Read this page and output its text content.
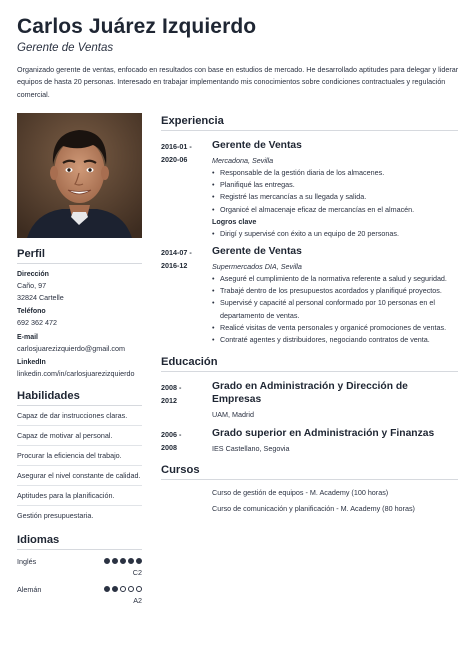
Carlos Juárez Izquierdo
Gerente de Ventas
Organizado gerente de ventas, enfocado en resultados con base en estudios de mercado. He desarrollado aptitudes para delegar y liderar equipos de hasta 20 personas. Interesado en trabajar implementando mis conocimientos sobre condiciones contractuales y regulación comercial.
Perfil
Dirección
Caño, 97
32824 Cartelle
Teléfono
692 362 472
E-mail
carlosjuarezizquierdo@gmail.com
LinkedIn
linkedin.com/in/carlosjuarezizquierdo
Habilidades
Capaz de dar instrucciones claras.
Capaz de motivar al personal.
Procurar la eficiencia del trabajo.
Asegurar el nivel constante de calidad.
Aptitudes para la planificación.
Gestión presupuestaria.
Idiomas
Inglés
C2
Alemán
A2
Experiencia
2016-01 -
2020-06
Gerente de Ventas
Mercadona, Sevilla
• Responsable de la gestión diaria de los almacenes.
• Planifiqué las entregas.
• Registré las mercancías a su llegada y salida.
• Organicé el almacenaje eficaz de mercancías en el almacén.
Logros clave
• Dirigí y supervisé con éxito a un equipo de 20 personas.
2014-07 -
2016-12
Gerente de Ventas
Supermercados DIA, Sevilla
• Aseguré el cumplimiento de la normativa referente a salud y seguridad.
• Trabajé dentro de los presupuestos acordados y planifiqué proyectos.
• Supervisé y capacité al personal conformado por 10 personas en el departamento de ventas.
• Realicé visitas de venta personales y organicé promociones de ventas.
• Contraté agentes y distribuidores, negociando contratos de venta.
Educación
2008 -
2012
Grado en Administración y Dirección de Empresas
UAM, Madrid
2006 -
2008
Grado superior en Administración y Finanzas
IES Castellano, Segovia
Cursos
Curso de gestión de equipos - M. Academy (100 horas)
Curso de comunicación y planificación - M. Academy (80 horas)
